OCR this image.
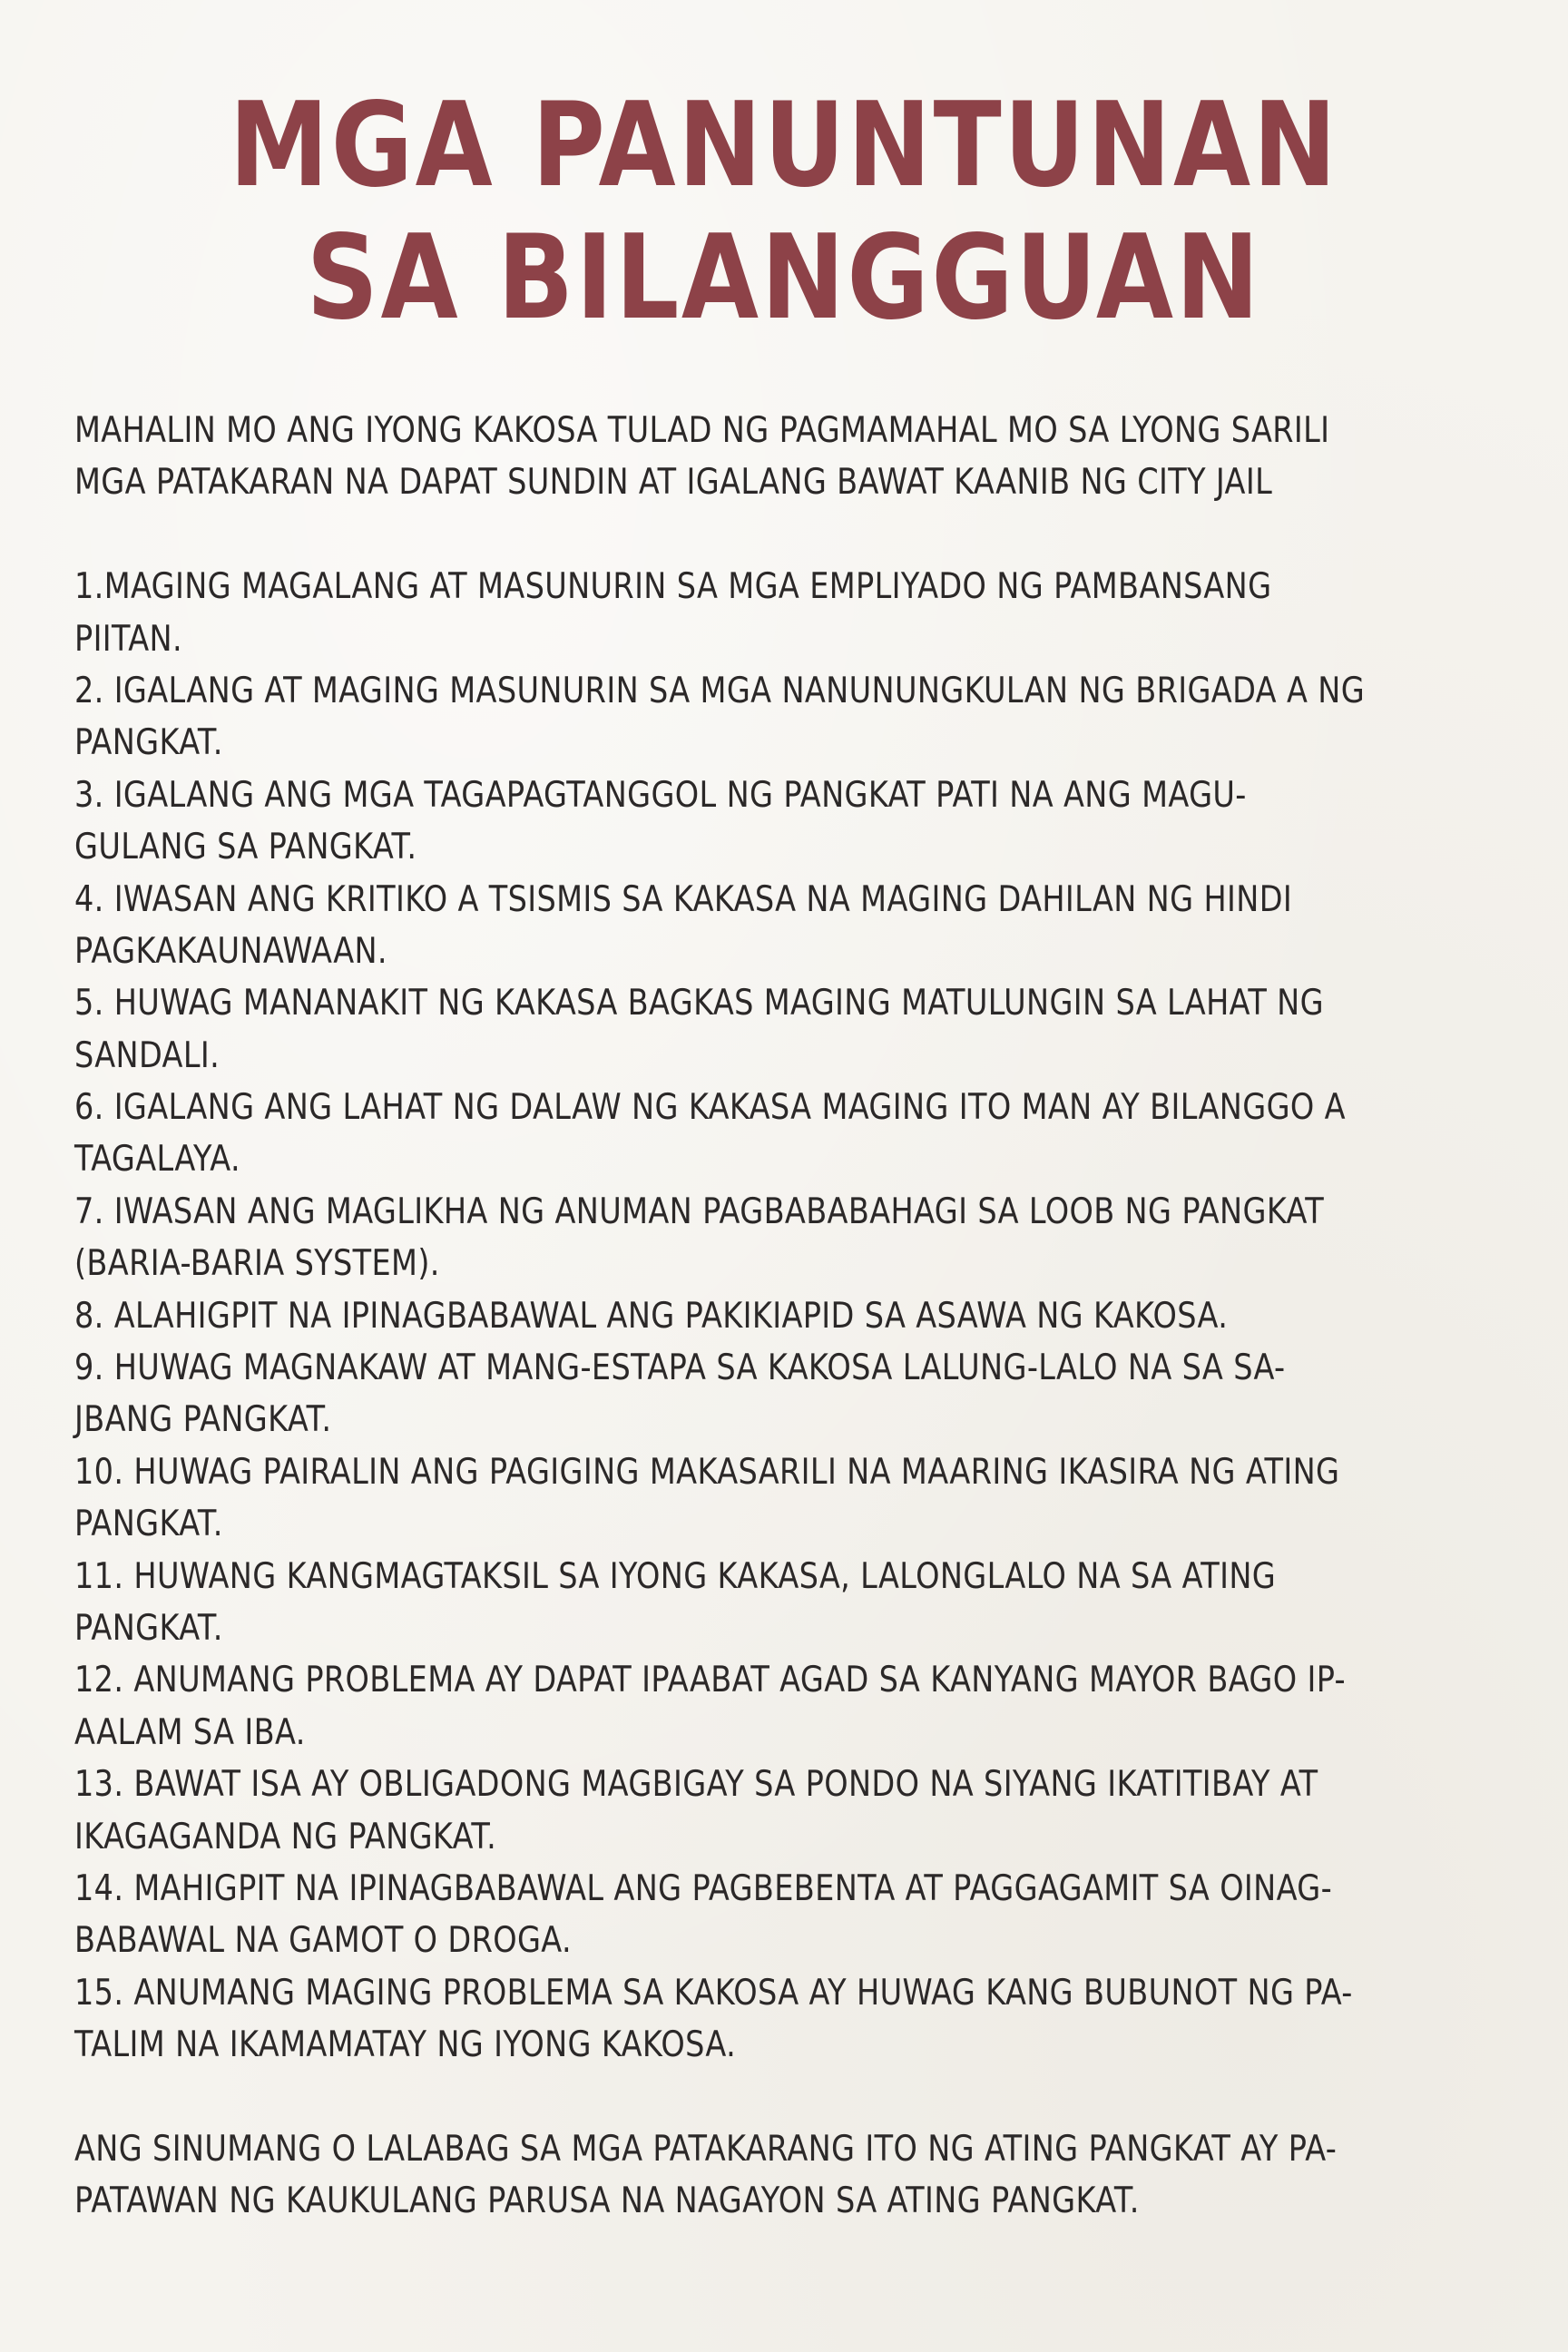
MGA PANUNTUNAN
SA BILANGGUAN
MAHALIN MO ANG IYONG KAKOSA TULAD NG PAGMAMAHAL MO SA LYONG SARILI
MGA PATAKARAN NA DAPAT SUNDIN AT IGALANG BAWAT KAANIB NG CITY JAIL
1.MAGING MAGALANG AT MASUNURIN SA MGA EMPLIYADO NG PAMBANSANG
PIITAN.
2. IGALANG AT MAGING MASUNURIN SA MGA NANUNUNGKULAN NG BRIGADA A NG
PANGKAT.
3. IGALANG ANG MGA TAGAPAGTANGGOL NG PANGKAT PATI NA ANG MAGU-
GULANG SA PANGKAT.
4. IWASAN ANG KRITIKO A TSISMIS SA KAKASA NA MAGING DAHILAN NG HINDI
PAGKAKAUNAWAAN.
5. HUWAG MANANAKIT NG KAKASA BAGKAS MAGING MATULUNGIN SA LAHAT NG
SANDALI.
6. IGALANG ANG LAHAT NG DALAW NG KAKASA MAGING ITO MAN AY BILANGGO A
TAGALAYA.
7. IWASAN ANG MAGLIKHA NG ANUMAN PAGBABABAHAGI SA LOOB NG PANGKAT
(BARIA-BARIA SYSTEM).
8. ALAHIGPIT NA IPINAGBABAWAL ANG PAKIKIAPID SA ASAWA NG KAKOSA.
9. HUWAG MAGNAKAW AT MANG-ESTAPA SA KAKOSA LALUNG-LALO NA SA SA-
JBANG PANGKAT.
10. HUWAG PAIRALIN ANG PAGIGING MAKASARILI NA MAARING IKASIRA NG ATING
PANGKAT.
11. HUWANG KANGMAGTAKSIL SA IYONG KAKASA, LALONGLALO NA SA ATING
PANGKAT.
12. ANUMANG PROBLEMA AY DAPAT IPAABAT AGAD SA KANYANG MAYOR BAGO IP-
AALAM SA IBA.
13. BAWAT ISA AY OBLIGADONG MAGBIGAY SA PONDO NA SIYANG IKATITIBAY AT
IKAGAGANDA NG PANGKAT.
14. MAHIGPIT NA IPINAGBABAWAL ANG PAGBEBENTA AT PAGGAGAMIT SA OINAG-
BABAWAL NA GAMOT O DROGA.
15. ANUMANG MAGING PROBLEMA SA KAKOSA AY HUWAG KANG BUBUNOT NG PA-
TALIM NA IKAMAMATAY NG IYONG KAKOSA.
ANG SINUMANG O LALABAG SA MGA PATAKARANG ITO NG ATING PANGKAT AY PA-
PATAWAN NG KAUKULANG PARUSA NA NAGAYON SA ATING PANGKAT.
